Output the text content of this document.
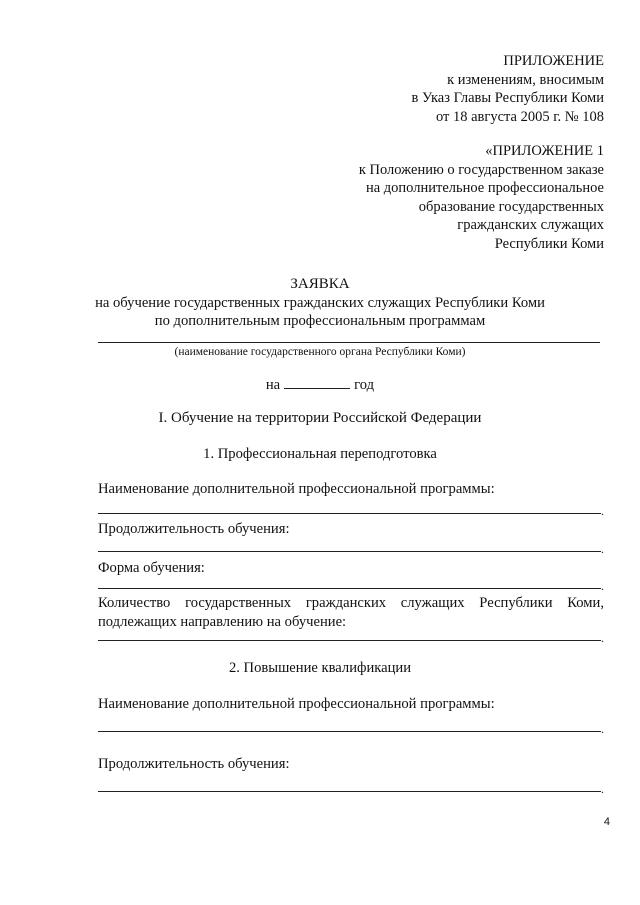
ПРИЛОЖЕНИЕ
к изменениям, вносимым
в Указ Главы Республики Коми
от 18 августа 2005 г. № 108
«ПРИЛОЖЕНИЕ 1
к Положению о государственном заказе
на дополнительное профессиональное
образование государственных
гражданских служащих
Республики Коми
ЗАЯВКА
на обучение государственных гражданских служащих Республики Коми
по дополнительным профессиональным программам
(наименование государственного органа Республики Коми)
на	год
I. Обучение на территории Российской Федерации
1. Профессиональная переподготовка
Наименование дополнительной профессиональной программы:
.
Продолжительность обучения:
.
Форма обучения:
.
Количество государственных гражданских служащих Республики Коми, подлежащих направлению на обучение:
.
2. Повышение квалификации
Наименование дополнительной профессиональной программы:
.
Продолжительность обучения:
.
4
